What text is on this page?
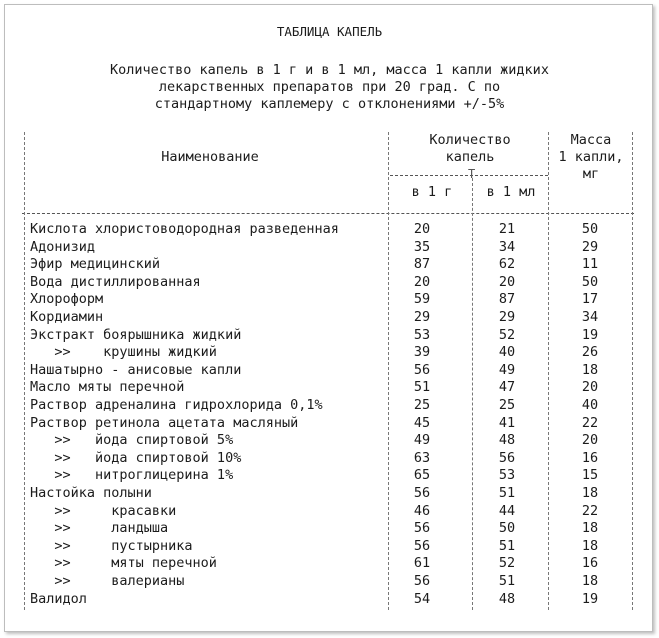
ТАБЛИЦА КАПЕЛЬ
Количество капель в 1 г и в 1 мл, масса 1 капли жидких
лекарственных препаратов при 20 град. С по
стандартному каплемеру с отклонениями +/-5%
Наименование
Количество
капель
в 1 г	в 1 мл
Масса
1 капли,
мг
T
Кислота хлористоводородная разведенная	20	21	50
Адонизид	35	34	29
Эфир медицинский	87	62	11
Вода дистиллированная	20	20	50
Хлороформ	59	87	17
Кордиамин	29	29	34
Экстракт боярышника жидкий	53	52	19
>>    крушины жидкий	39	40	26
Нашатырно - анисовые капли	56	49	18
Масло мяты перечной	51	47	20
Раствор адреналина гидрохлорида 0,1%	25	25	40
Раствор ретинола ацетата масляный	45	41	22
>>   йода спиртовой 5%	49	48	20
>>   йода спиртовой 10%	63	56	16
>>   нитроглицерина 1%	65	53	15
Настойка полыни	56	51	18
>>     красавки	46	44	22
>>     ландыша	56	50	18
>>     пустырника	56	51	18
>>     мяты перечной	61	52	16
>>     валерианы	56	51	18
Валидол	54	48	19
